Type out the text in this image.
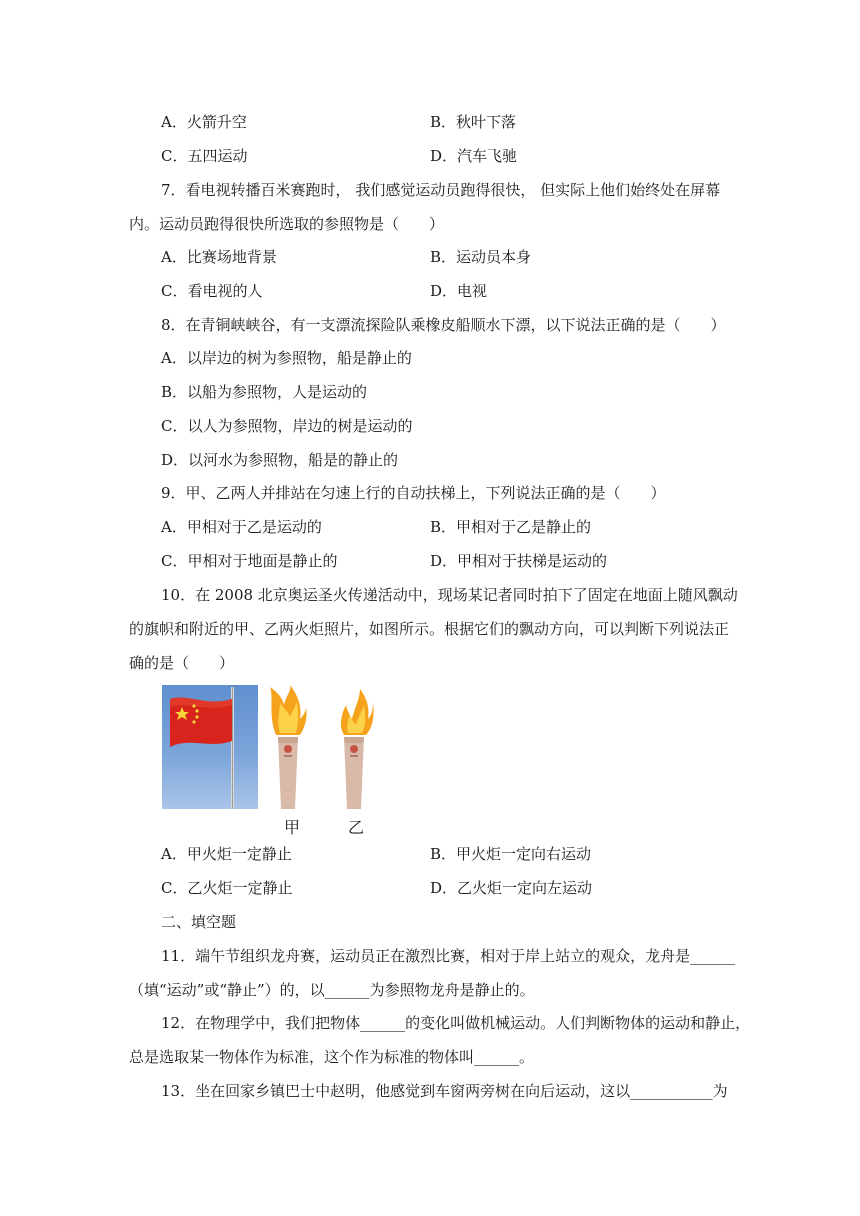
A．火箭升空	B．秋叶下落
C．五四运动	D．汽车飞驰
7．看电视转播百米赛跑时， 我们感觉运动员跑得很快， 但实际上他们始终处在屏幕
内。运动员跑得很快所选取的参照物是（　　）
A．比赛场地背景	B．运动员本身
C．看电视的人	D．电视
8．在青铜峡峡谷，有一支漂流探险队乘橡皮船顺水下漂，以下说法正确的是（　　）
A．以岸边的树为参照物，船是静止的
B．以船为参照物，人是运动的
C．以人为参照物，岸边的树是运动的
D．以河水为参照物，船是的静止的
9．甲、乙两人并排站在匀速上行的自动扶梯上，下列说法正确的是（　　）
A．甲相对于乙是运动的	B．甲相对于乙是静止的
C．甲相对于地面是静止的	D．甲相对于扶梯是运动的
10．在 2008 北京奥运圣火传递活动中，现场某记者同时拍下了固定在地面上随风飘动
的旗帜和附近的甲、乙两火炬照片，如图所示。根据它们的飘动方向，可以判断下列说法正
确的是（　　）
甲	乙
A．甲火炬一定静止	B．甲火炬一定向右运动
C．乙火炬一定静止	D．乙火炬一定向左运动
二、填空题
11．端午节组织龙舟赛，运动员正在激烈比赛，相对于岸上站立的观众，龙舟是______
（填“运动”或“静止”）的，以______为参照物龙舟是静止的。
12．在物理学中，我们把物体______的变化叫做机械运动。人们判断物体的运动和静止，
总是选取某一物体作为标准，这个作为标准的物体叫______。
13．坐在回家乡镇巴士中赵明，他感觉到车窗两旁树在向后运动，这以___________为
